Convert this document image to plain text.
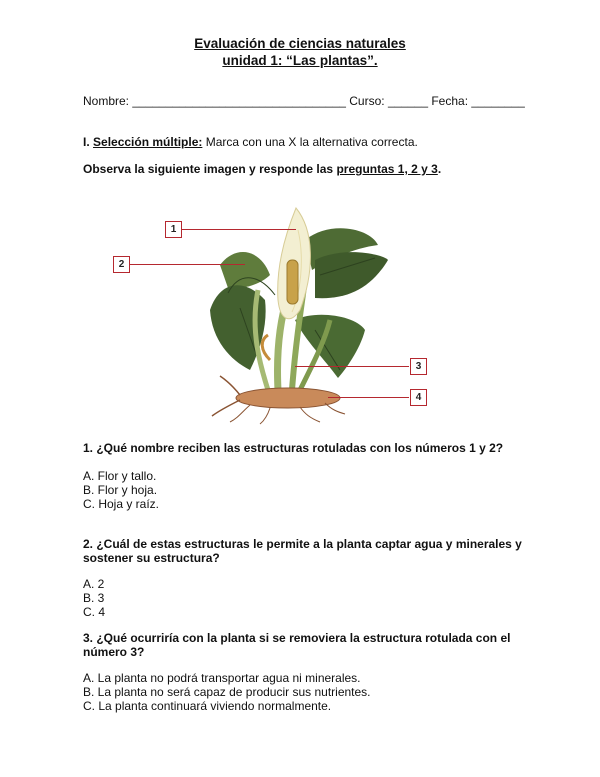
Evaluación de ciencias naturales
unidad 1: “Las plantas”.
Nombre: ________________________________ Curso: ______ Fecha: ________
I. Selección múltiple: Marca con una X la alternativa correcta.
Observa la siguiente imagen y responde las preguntas 1, 2 y 3.
1
2
3
4
1. ¿Qué nombre reciben las estructuras rotuladas con los números 1 y 2?
A. Flor y tallo.
B. Flor y hoja.
C. Hoja y raíz.
2. ¿Cuál de estas estructuras le permite a la planta captar agua y minerales y sostener su estructura?
A. 2
B. 3
C. 4
3. ¿Qué ocurriría con la planta si se removiera la estructura rotulada con el número 3?
A. La planta no podrá transportar agua ni minerales.
B. La planta no será capaz de producir sus nutrientes.
C. La planta continuará viviendo normalmente.
